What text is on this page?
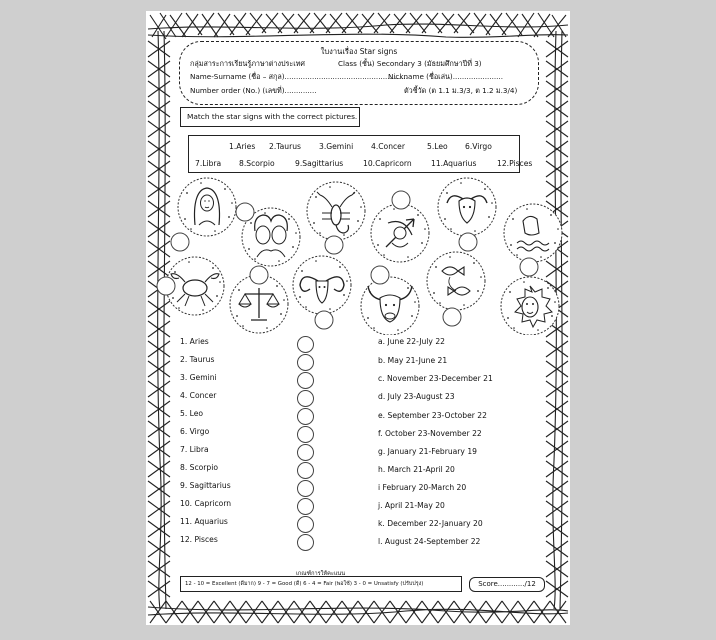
ใบงานเรื่อง Star signs
กลุ่มสาระการเรียนรู้ภาษาต่างประเทศ	Class (ชั้น) Secondary 3 (มัธยมศึกษาปีที่ 3)
Name-Surname (ชื่อ – สกุล)......................................................
Nickname (ชื่อเล่น)......................
Number order (No.) (เลขที่)..............	ตัวชี้วัด (ต 1.1 ม.3/3, ต 1.2 ม.3/4)
Match the star signs with the correct pictures.
1.Aries 2.Taurus 3.Gemini 4.Concer	5.Leo 6.Virgo
7.Libra 8.Scorpio	9.Sagittarius	10.Capricorn	11.Aquarius	12.Pisces
1. Aries
2. Taurus
3. Gemini
4. Concer
5. Leo
6. Virgo
7. Libra
8. Scorpio
9. Sagittarius
10. Capricorn
11. Aquarius
12. Pisces
a. June 22-July 22
b. May 21-June 21
c. November 23-December 21
d. July 23-August 23
e. September 23-October 22
f. October 23-November 22
g. January 21-February 19
h. March 21-April 20
i February 20-March 20
j. April 21-May 20
k. December 22-January 20
l. August 24-September 22
เกณฑ์การให้คะแนน
12 - 10 = Excellent (ดีมาก) 9 - 7 = Good (ดี) 6 - 4 = Fair (พอใช้) 3 - 0 = Unsatisfy (ปรับปรุง)	Score............/12
